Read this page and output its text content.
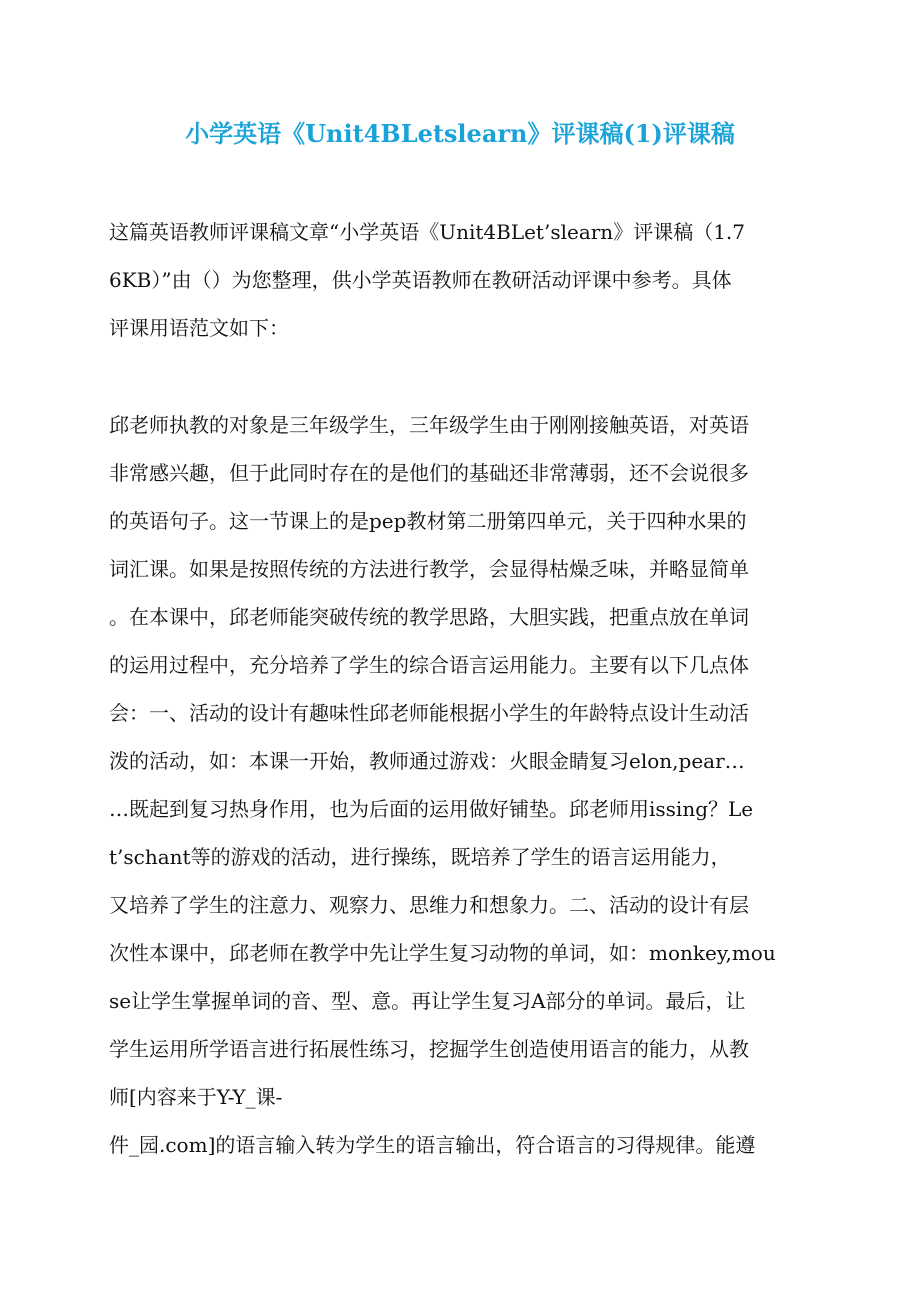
小学英语《Unit4BLetslearn》评课稿(1)评课稿
这篇英语教师评课稿文章“小学英语《Unit4BLet’slearn》评课稿（1.7
6KB）”由（）为您整理，供小学英语教师在教研活动评课中参考。具体
评课用语范文如下：
邱老师执教的对象是三年级学生，三年级学生由于刚刚接触英语，对英语
非常感兴趣，但于此同时存在的是他们的基础还非常薄弱，还不会说很多
的英语句子。这一节课上的是pep教材第二册第四单元，关于四种水果的
词汇课。如果是按照传统的方法进行教学，会显得枯燥乏味，并略显简单
。在本课中，邱老师能突破传统的教学思路，大胆实践，把重点放在单词
的运用过程中，充分培养了学生的综合语言运用能力。主要有以下几点体
会：一、活动的设计有趣味性邱老师能根据小学生的年龄特点设计生动活
泼的活动，如：本课一开始，教师通过游戏：火眼金睛复习elon,pear…
…既起到复习热身作用，也为后面的运用做好铺垫。邱老师用issing？Le
t’schant等的游戏的活动，进行操练，既培养了学生的语言运用能力，
又培养了学生的注意力、观察力、思维力和想象力。二、活动的设计有层
次性本课中，邱老师在教学中先让学生复习动物的单词，如：monkey,mou
se让学生掌握单词的音、型、意。再让学生复习A部分的单词。最后，让
学生运用所学语言进行拓展性练习，挖掘学生创造使用语言的能力，从教
师[内容来于Y-Y_课-
件_园.com]的语言输入转为学生的语言输出，符合语言的习得规律。能遵
